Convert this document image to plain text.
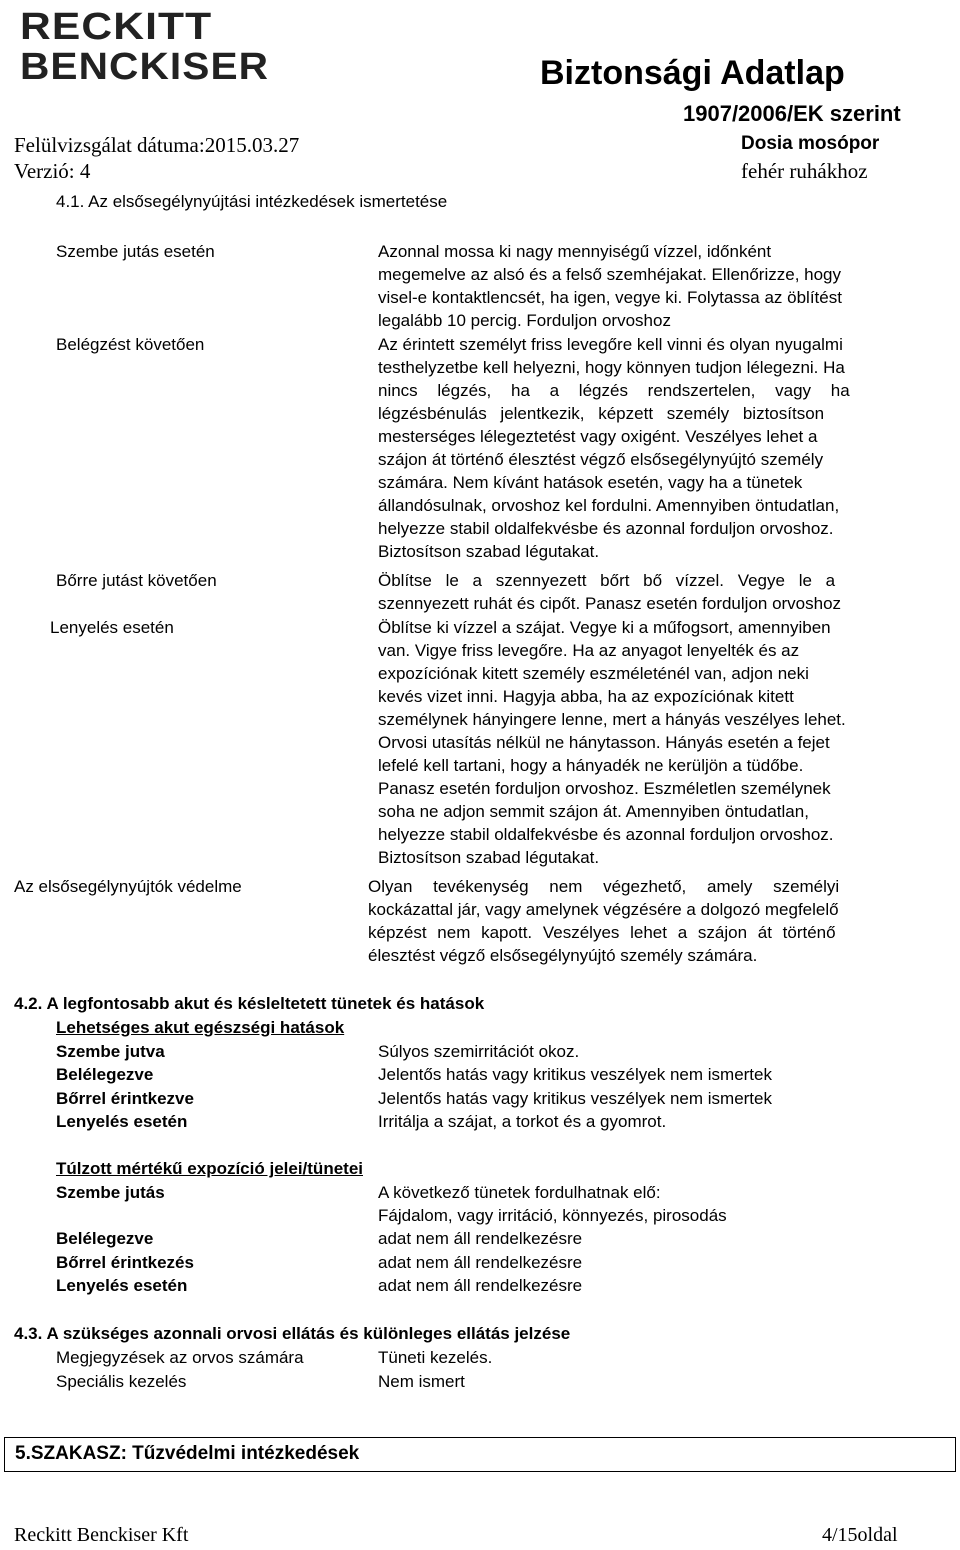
RECKITT
BENCKISER	Biztonsági Adatlap
1907/2006/EK szerint
Dosia mosópor
fehér ruhákhoz
Felülvizsgálat dátuma:2015.03.27
Verzió: 4
4.1. Az elsősegélynyújtási intézkedések ismertetése
Szembe jutás esetén	Azonnal mossa ki nagy mennyiségű vízzel, időnként
megemelve az alsó és a felső szemhéjakat. Ellenőrizze, hogy
visel-e kontaktlencsét, ha igen, vegye ki. Folytassa az öblítést
legalább 10 percig. Forduljon orvoshoz
Belégzést követően	Az érintett személyt friss levegőre kell vinni és olyan nyugalmi
testhelyzetbe kell helyezni, hogy könnyen tudjon lélegezni. Ha
nincs légzés, ha a légzés rendszertelen, vagy ha
légzésbénulás jelentkezik, képzett személy biztosítson
mesterséges lélegeztetést vagy oxigént. Veszélyes lehet a
szájon át történő élesztést végző elsősegélynyújtó személy
számára. Nem kívánt hatások esetén, vagy ha a tünetek
állandósulnak, orvoshoz kel fordulni. Amennyiben öntudatlan,
helyezze stabil oldalfekvésbe és azonnal forduljon orvoshoz.
Biztosítson szabad légutakat.
Bőrre jutást követően	Öblítse le a szennyezett bőrt bő vízzel. Vegye le a
szennyezett ruhát és cipőt. Panasz esetén forduljon orvoshoz
Lenyelés esetén	Öblítse ki vízzel a szájat. Vegye ki a műfogsort, amennyiben
van. Vigye friss levegőre. Ha az anyagot lenyelték és az
expozíciónak kitett személy eszméleténél van, adjon neki
kevés vizet inni. Hagyja abba, ha az expozíciónak kitett
személynek hányingere lenne, mert a hányás veszélyes lehet.
Orvosi utasítás nélkül ne hánytasson. Hányás esetén a fejet
lefelé kell tartani, hogy a hányadék ne kerüljön a tüdőbe.
Panasz esetén forduljon orvoshoz. Eszméletlen személynek
soha ne adjon semmit szájon át. Amennyiben öntudatlan,
helyezze stabil oldalfekvésbe és azonnal forduljon orvoshoz.
Biztosítson szabad légutakat.
Az elsősegélynyújtók védelme	Olyan tevékenység nem végezhető, amely személyi
kockázattal jár, vagy amelynek végzésére a dolgozó megfelelő
képzést nem kapott. Veszélyes lehet a szájon át történő
élesztést végző elsősegélynyújtó személy számára.
4.2. A legfontosabb akut és késleltetett tünetek és hatások
Lehetséges akut egészségi hatások
Szembe jutva	Súlyos szemirritációt okoz.
Belélegezve	Jelentős hatás vagy kritikus veszélyek nem ismertek
Bőrrel érintkezve	Jelentős hatás vagy kritikus veszélyek nem ismertek
Lenyelés esetén	Irritálja a szájat, a torkot és a gyomrot.
Túlzott mértékű expozíció jelei/tünetei
Szembe jutás	A következő tünetek fordulhatnak elő:
Fájdalom, vagy irritáció, könnyezés, pirosodás
Belélegezve	adat nem áll rendelkezésre
Bőrrel érintkezés	adat nem áll rendelkezésre
Lenyelés esetén	adat nem áll rendelkezésre
4.3. A szükséges azonnali orvosi ellátás és különleges ellátás jelzése
Megjegyzések az orvos számára	Tüneti kezelés.
Speciális kezelés	Nem ismert
5.SZAKASZ: Tűzvédelmi intézkedések
Reckitt Benckiser Kft	4/15oldal
